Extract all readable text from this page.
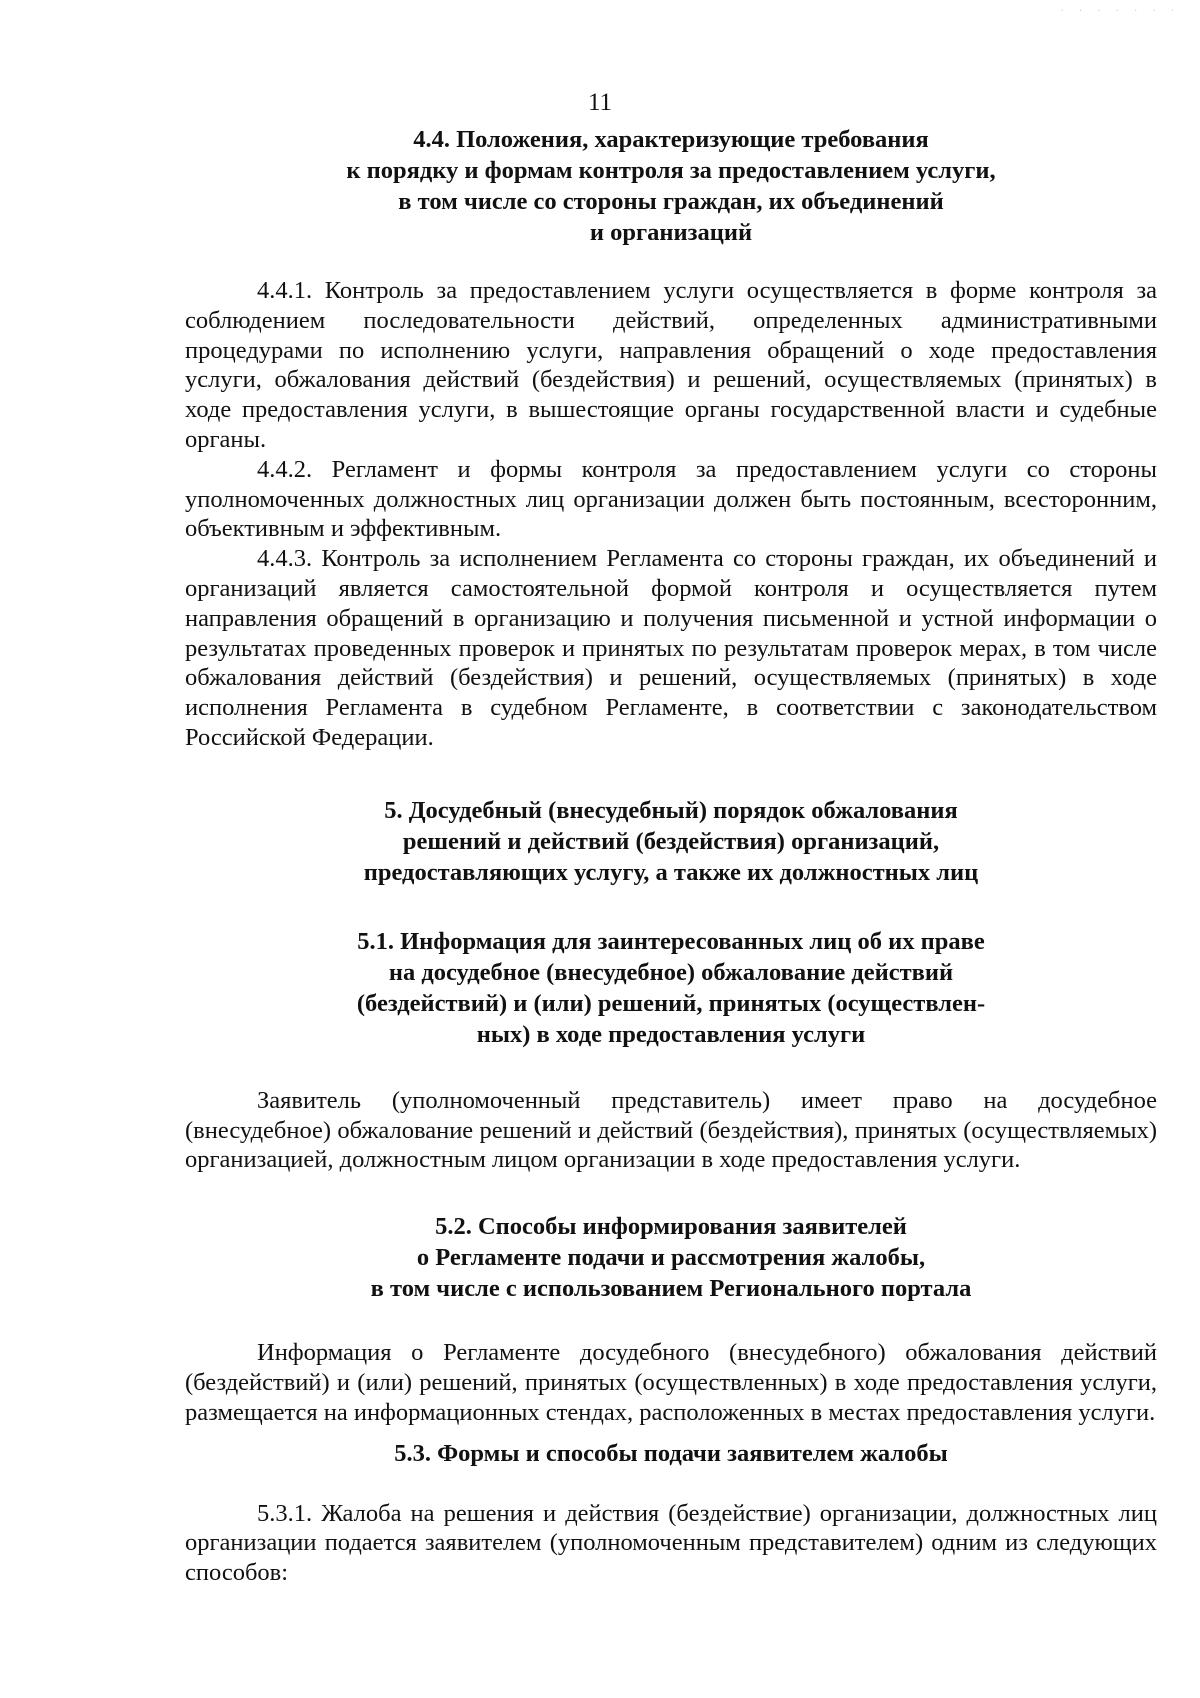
· · · · · · ·
11
4.4. Положения, характеризующие требования
к порядку и формам контроля за предоставлением услуги,
в том числе со стороны граждан, их объединений
и организаций

4.4.1. Контроль за предоставлением услуги осуществляется в форме контроля за соблюдением последовательности действий, определенных административными процедурами по исполнению услуги, направления обращений о ходе предоставления услуги, обжалования действий (бездействия) и решений, осуществляемых (принятых) в ходе предоставления услуги, в вышестоящие органы государственной власти и судебные органы.

4.4.2. Регламент и формы контроля за предоставлением услуги со стороны уполномоченных должностных лиц организации должен быть постоянным, всесторонним, объективным и эффективным.

4.4.3. Контроль за исполнением Регламента со стороны граждан, их объединений и организаций является самостоятельной формой контроля и осуществляется путем направления обращений в организацию и получения письменной и устной информации о результатах проведенных проверок и принятых по результатам проверок мерах, в том числе обжалования действий (бездействия) и решений, осуществляемых (принятых) в ходе исполнения Регламента в судебном Регламенте, в соответствии с законодательством Российской Федерации.

5. Досудебный (внесудебный) порядок обжалования
решений и действий (бездействия) организаций,
предоставляющих услугу, а также их должностных лиц
5.1. Информация для заинтересованных лиц об их праве
на досудебное (внесудебное) обжалование действий
(бездействий) и (или) решений, принятых (осуществлен-
ных) в ходе предоставления услуги

Заявитель (уполномоченный представитель) имеет право на досудебное (внесудебное) обжалование решений и действий (бездействия), принятых (осуществляемых) организацией, должностным лицом организации в ходе предоставления услуги.

5.2. Способы информирования заявителей
о Регламенте подачи и рассмотрения жалобы,
в том числе с использованием Регионального портала

Информация о Регламенте досудебного (внесудебного) обжалования действий (бездействий) и (или) решений, принятых (осуществленных) в ходе предоставления услуги, размещается на информационных стендах, расположенных в местах предоставления услуги.

5.3. Формы и способы подачи заявителем жалобы

5.3.1. Жалоба на решения и действия (бездействие) организации, должностных лиц организации подается заявителем (уполномоченным представителем) одним из следующих способов:
